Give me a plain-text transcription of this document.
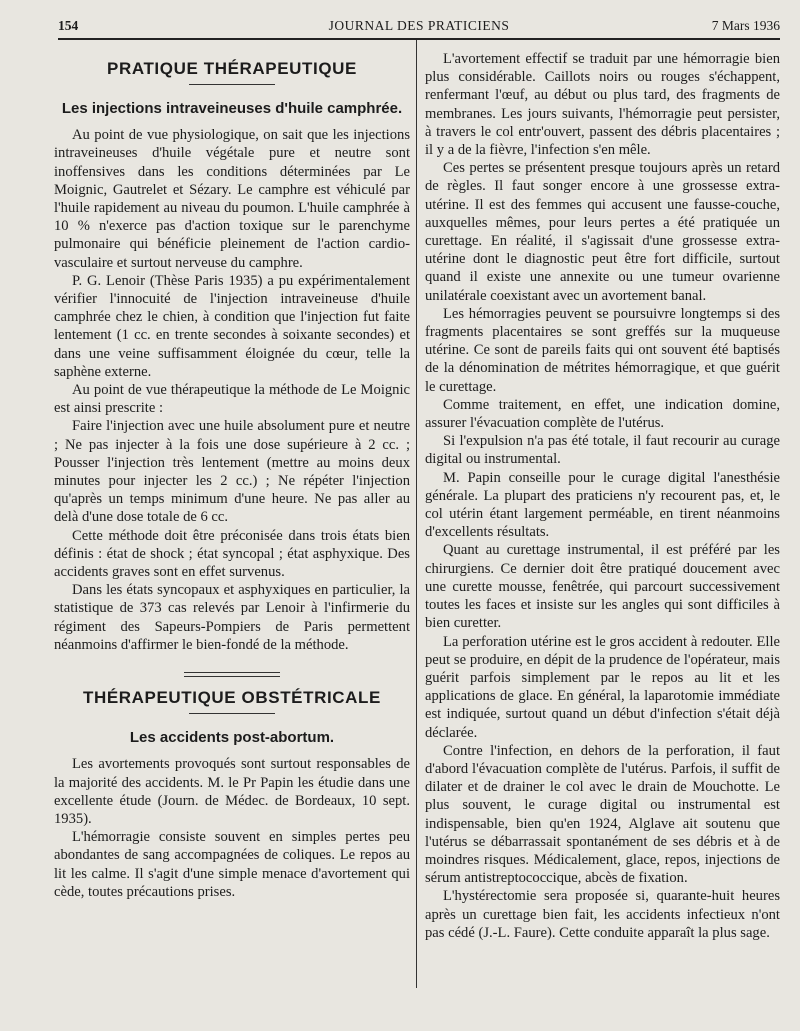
154	JOURNAL DES PRATICIENS	7 Mars 1936
PRATIQUE THÉRAPEUTIQUE
Les injections intraveineuses d'huile camphrée.

Au point de vue physiologique, on sait que les injections intraveineuses d'huile végétale pure et neutre sont inoffensives dans les conditions déterminées par Le Moignic, Gautrelet et Sézary. Le camphre est véhiculé par l'huile rapidement au niveau du poumon. L'huile camphrée à 10 % n'exerce pas d'action toxique sur le parenchyme pulmonaire qui bénéficie pleinement de l'action cardio-vasculaire et surtout nerveuse du camphre.

P. G. Lenoir (Thèse Paris 1935) a pu expérimentalement vérifier l'innocuité de l'injection intraveineuse d'huile camphrée chez le chien, à condition que l'injection fut faite lentement (1 cc. en trente secondes à soixante secondes) et dans une veine suffisamment éloignée du cœur, telle la saphène externe.

Au point de vue thérapeutique la méthode de Le Moignic est ainsi prescrite :

Faire l'injection avec une huile absolument pure et neutre ; Ne pas injecter à la fois une dose supérieure à 2 cc. ; Pousser l'injection très lentement (mettre au moins deux minutes pour injecter les 2 cc.) ; Ne répéter l'injection qu'après un temps minimum d'une heure. Ne pas aller au delà d'une dose totale de 6 cc.

Cette méthode doit être préconisée dans trois états bien définis : état de shock ; état syncopal ; état asphyxique. Des accidents graves sont en effet survenus.

Dans les états syncopaux et asphyxiques en particulier, la statistique de 373 cas relevés par Lenoir à l'infirmerie du régiment des Sapeurs-Pompiers de Paris permettent néanmoins d'affirmer le bien-fondé de la méthode.

THÉRAPEUTIQUE OBSTÉTRICALE
Les accidents post-abortum.

Les avortements provoqués sont surtout responsables de la majorité des accidents. M. le Pr Papin les étudie dans une excellente étude (Journ. de Médec. de Bordeaux, 10 sept. 1935).

L'hémorragie consiste souvent en simples pertes peu abondantes de sang accompagnées de coliques. Le repos au lit les calme. Il s'agit d'une simple menace d'avortement qui cède, toutes précautions prises.

L'avortement effectif se traduit par une hémorragie bien plus considérable. Caillots noirs ou rouges s'échappent, renfermant l'œuf, au début ou plus tard, des fragments de membranes. Les jours suivants, l'hémorragie peut persister, à travers le col entr'ouvert, passent des débris placentaires ; il y a de la fièvre, l'infection s'en mêle.

Ces pertes se présentent presque toujours après un retard de règles. Il faut songer encore à une grossesse extra-utérine. Il est des femmes qui accusent une fausse-couche, auxquelles mêmes, pour leurs pertes a été pratiquée un curettage. En réalité, il s'agissait d'une grossesse extra-utérine dont le diagnostic peut être fort difficile, surtout quand il existe une annexite ou une tumeur ovarienne unilatérale coexistant avec un avortement banal.

Les hémorragies peuvent se poursuivre longtemps si des fragments placentaires se sont greffés sur la muqueuse utérine. Ce sont de pareils faits qui ont souvent été baptisés de la dénomination de métrites hémorragique, et que guérit le curettage.

Comme traitement, en effet, une indication domine, assurer l'évacuation complète de l'utérus.

Si l'expulsion n'a pas été totale, il faut recourir au curage digital ou instrumental.

M. Papin conseille pour le curage digital l'anesthésie générale. La plupart des praticiens n'y recourent pas, et, le col utérin étant largement perméable, en tirent néanmoins d'excellents résultats.

Quant au curettage instrumental, il est préféré par les chirurgiens. Ce dernier doit être pratiqué doucement avec une curette mousse, fenêtrée, qui parcourt successivement toutes les faces et insiste sur les angles qui sont difficiles à bien curetter.

La perforation utérine est le gros accident à redouter. Elle peut se produire, en dépit de la prudence de l'opérateur, mais guérit parfois simplement par le repos au lit et les applications de glace. En général, la laparotomie immédiate est indiquée, surtout quand un début d'infection s'était déjà déclarée.

Contre l'infection, en dehors de la perforation, il faut d'abord l'évacuation complète de l'utérus. Parfois, il suffit de dilater et de drainer le col avec le drain de Mouchotte. Le plus souvent, le curage digital ou instrumental est indispensable, bien qu'en 1924, Alglave ait soutenu que l'utérus se débarrassait spontanément de ses débris et à de moindres risques. Médicalement, glace, repos, injections de sérum antistreptococcique, abcès de fixation.

L'hystérectomie sera proposée si, quarante-huit heures après un curettage bien fait, les accidents infectieux n'ont pas cédé (J.-L. Faure). Cette conduite apparaît la plus sage.
